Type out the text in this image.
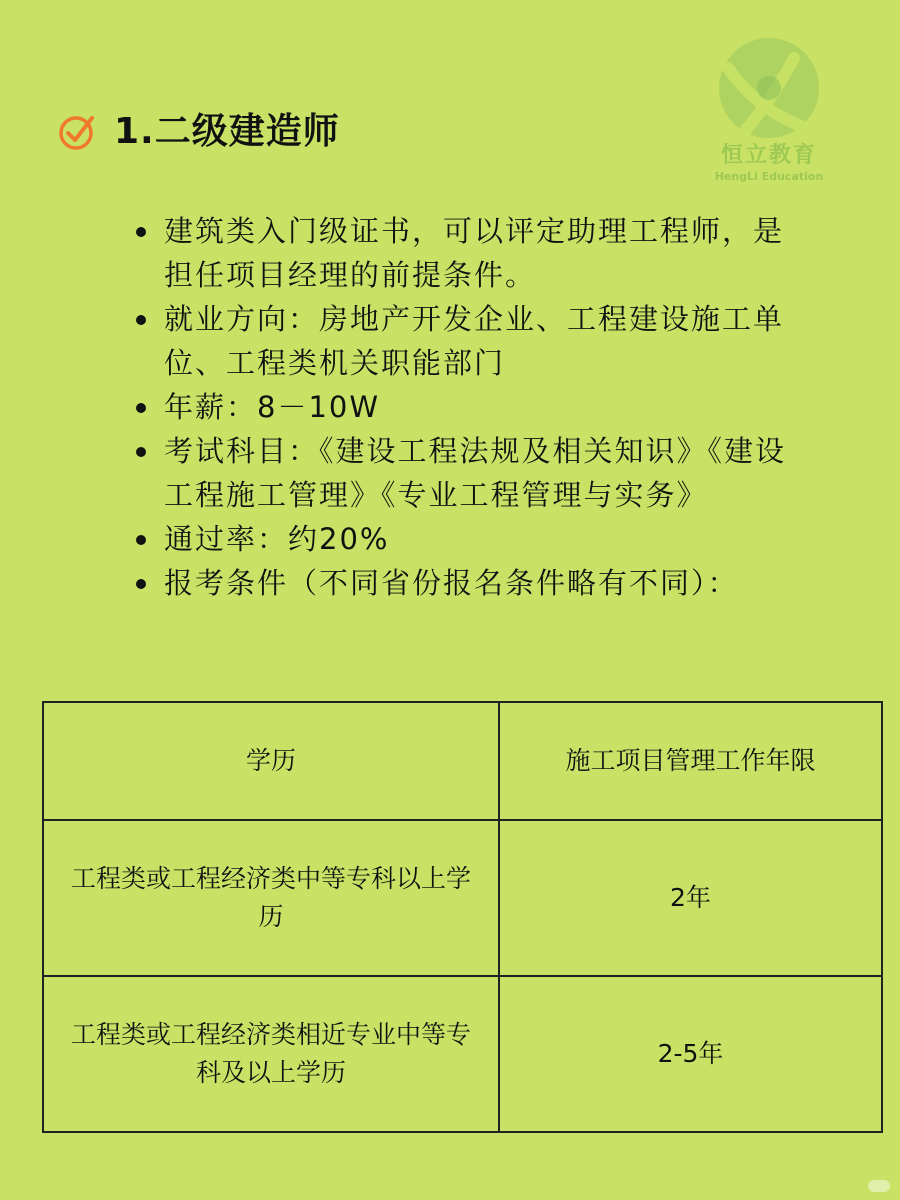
1.二级建造师
恒立教育
HengLi Education
建筑类入门级证书，可以评定助理工程师，是担任项目经理的前提条件。
就业方向：房地产开发企业、工程建设施工单位、工程类机关职能部门
年薪：8－10W
考试科目：《建设工程法规及相关知识》《建设工程施工管理》《专业工程管理与实务》
通过率：约20%
报考条件（不同省份报名条件略有不同）：
学历	施工项目管理工作年限
工程类或工程经济类中等专科以上学历	2年
工程类或工程经济类相近专业中等专科及以上学历	2-5年
